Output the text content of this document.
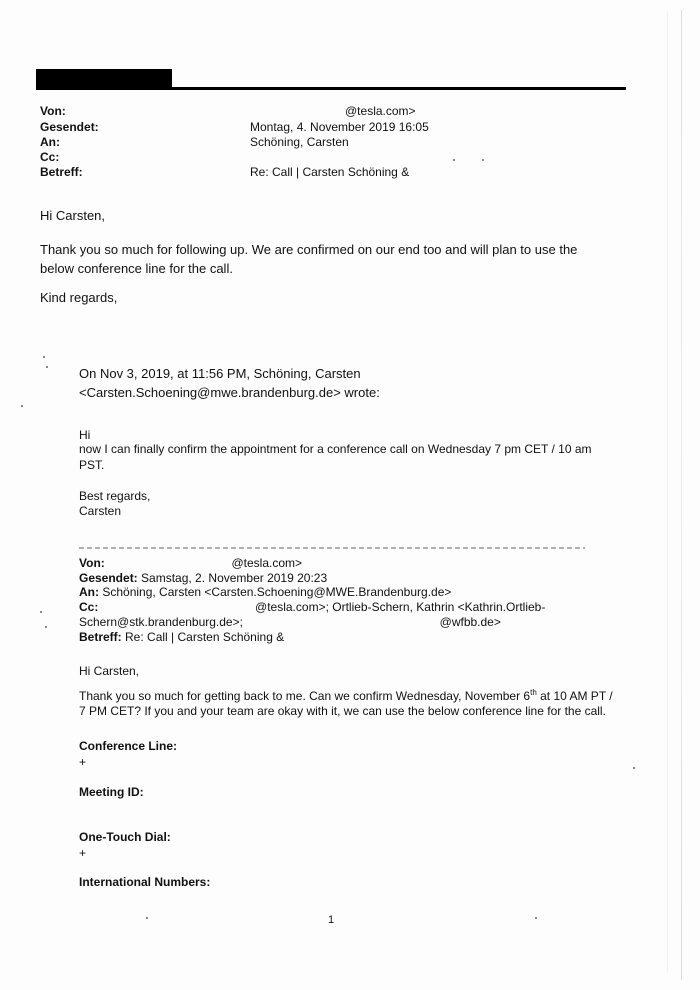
Von:	@tesla.com>
Gesendet:	Montag, 4. November 2019 16:05
An:	Schöning, Carsten
Cc:
Betreff:	Re: Call | Carsten Schöning &
Hi Carsten,
Thank you so much for following up. We are confirmed on our end too and will plan to use the below conference line for the call.
Kind regards,
On Nov 3, 2019, at 11:56 PM, Schöning, Carsten
<Carsten.Schoening@mwe.brandenburg.de> wrote:
Hi
now I can finally confirm the appointment for a conference call on Wednesday 7 pm CET / 10 am PST.
Best regards,
Carsten
Von:	@tesla.com>
Gesendet: Samstag, 2. November 2019 20:23
An: Schöning, Carsten <Carsten.Schoening@MWE.Brandenburg.de>
Cc:	@tesla.com>; Ortlieb-Schern, Kathrin <Kathrin.Ortlieb-
Schern@stk.brandenburg.de>;	@wfbb.de>
Betreff: Re: Call | Carsten Schöning &
Hi Carsten,
Thank you so much for getting back to me. Can we confirm Wednesday, November 6th at 10 AM PT / 7 PM CET? If you and your team are okay with it, we can use the below conference line for the call.
Conference Line:
+
Meeting ID:
One-Touch Dial:
+
International Numbers:
1
